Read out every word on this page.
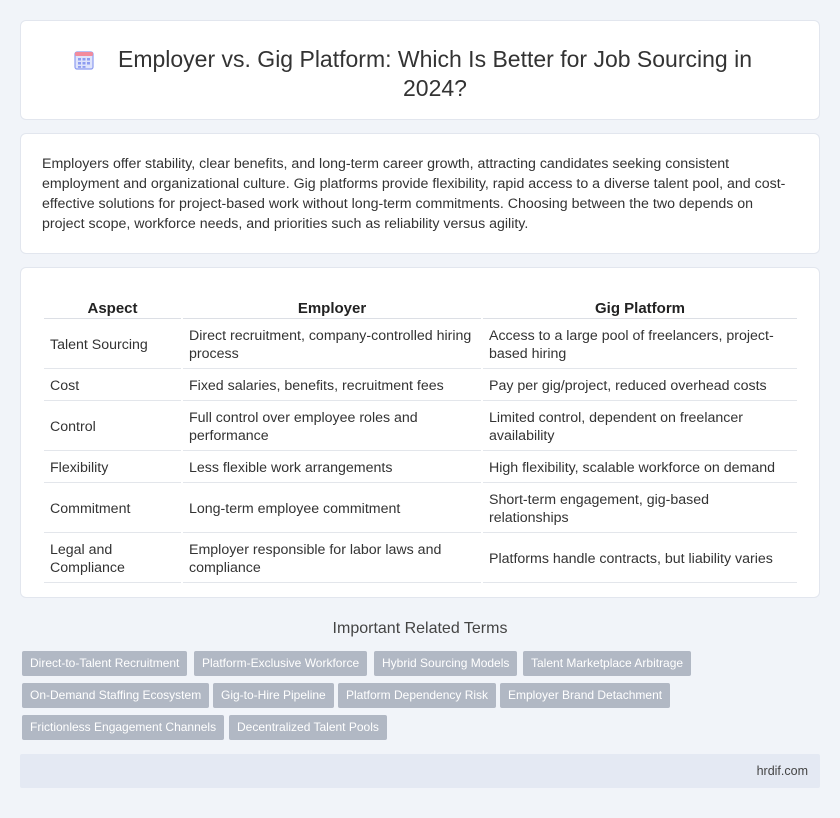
Employer vs. Gig Platform: Which Is Better for Job Sourcing in 2024?

Employers offer stability, clear benefits, and long-term career growth, attracting candidates seeking consistent employment and organizational culture. Gig platforms provide flexibility, rapid access to a diverse talent pool, and cost-effective solutions for project-based work without long-term commitments. Choosing between the two depends on project scope, workforce needs, and priorities such as reliability versus agility.

Aspect	Employer	Gig Platform
Talent Sourcing	Direct recruitment, company-controlled hiring process	Access to a large pool of freelancers, project-based hiring
Cost	Fixed salaries, benefits, recruitment fees	Pay per gig/project, reduced overhead costs
Control	Full control over employee roles and performance	Limited control, dependent on freelancer availability
Flexibility	Less flexible work arrangements	High flexibility, scalable workforce on demand
Commitment	Long-term employee commitment	Short-term engagement, gig-based relationships
Legal and Compliance	Employer responsible for labor laws and compliance	Platforms handle contracts, but liability varies
Important Related Terms
Direct-to-Talent Recruitment	Platform-Exclusive Workforce	Hybrid Sourcing Models	Talent Marketplace Arbitrage
On-Demand Staffing Ecosystem	Gig-to-Hire Pipeline	Platform Dependency Risk	Employer Brand Detachment
Frictionless Engagement Channels	Decentralized Talent Pools
hrdif.com
